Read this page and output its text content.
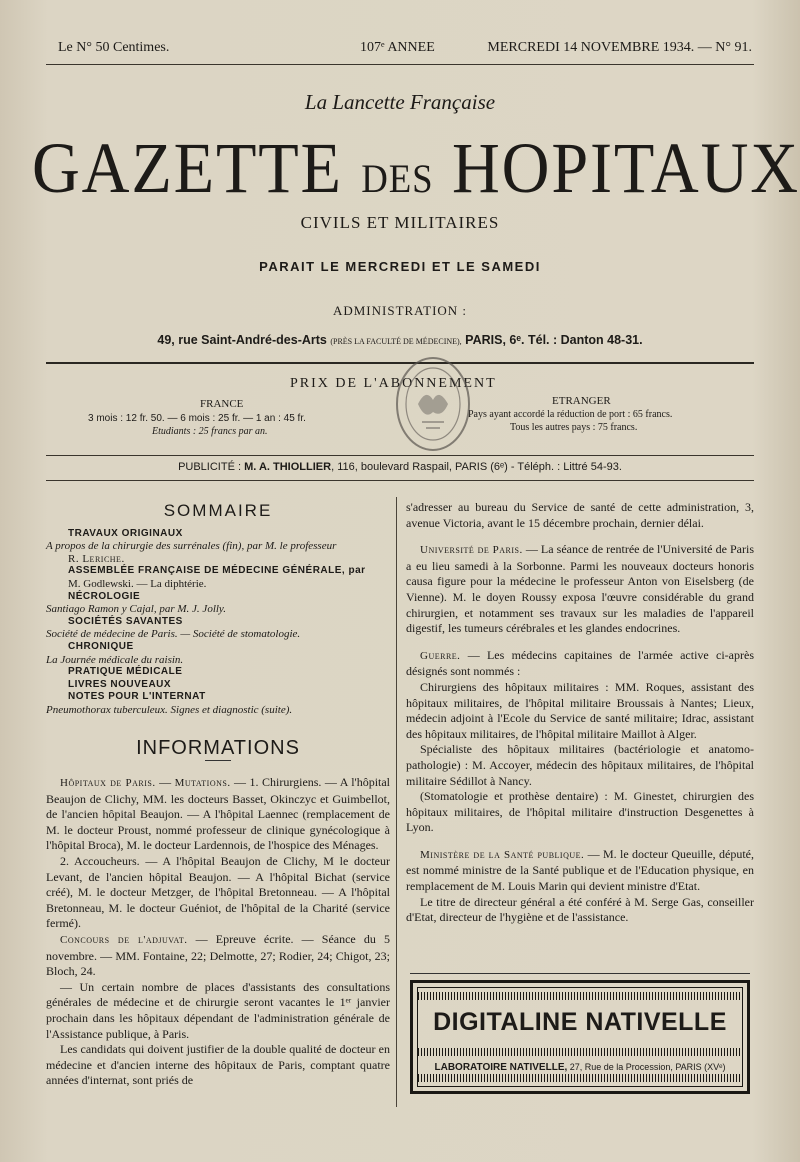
Le N° 50 Centimes.	107ᵉ ANNEE	MERCREDI 14 NOVEMBRE 1934. — N° 91.
La Lancette Française
GAZETTE DES HOPITAUX
CIVILS ET MILITAIRES
PARAIT LE MERCREDI ET LE SAMEDI
ADMINISTRATION :
49, rue Saint-André-des-Arts (PRÈS LA FACULTÉ DE MÉDECINE), PARIS, 6ᵉ. Tél. : Danton 48-31.
PRIX DE L'ABONNEMENT
FRANCE
3 mois : 12 fr. 50. — 6 mois : 25 fr. — 1 an : 45 fr.
Etudiants : 25 francs par an.
ETRANGER
Pays ayant accordé la réduction de port : 65 francs.
Tous les autres pays : 75 francs.
PUBLICITÉ : M. A. THIOLLIER, 116, boulevard Raspail, PARIS (6ᵉ) - Téléph. : Littré 54-93.
SOMMAIRE
TRAVAUX ORIGINAUX
A propos de la chirurgie des surrénales (fin), par M. le professeur
R. Leriche.
ASSEMBLÉE FRANÇAISE DE MÉDECINE GÉNÉRALE, par
M. Godlewski. — La diphtérie.
NÉCROLOGIE
Santiago Ramon y Cajal, par M. J. Jolly.
SOCIÉTÉS SAVANTES
Société de médecine de Paris. — Société de stomatologie.
CHRONIQUE
La Journée médicale du raisin.
PRATIQUE MÉDICALE
LIVRES NOUVEAUX
NOTES POUR L'INTERNAT
Pneumothorax tuberculeux. Signes et diagnostic (suite).
INFORMATIONS

Hôpitaux de Paris. — Mutations. — 1. Chirurgiens. — A l'hôpital Beaujon de Clichy, MM. les docteurs Basset, Okinczyc et Guimbellot, de l'ancien hôpital Beaujon. — A l'hôpital Laennec (remplacement de M. le docteur Proust, nommé professeur de clinique gynécologique à l'hôpital Broca), M. le docteur Lardennois, de l'hospice des Ménages.

2. Accoucheurs. — A l'hôpital Beaujon de Clichy, M le docteur Levant, de l'ancien hôpital Beaujon. — A l'hôpital Bichat (service créé), M. le docteur Metzger, de l'hôpital Bretonneau. — A l'hôpital Bretonneau, M. le docteur Guéniot, de l'hôpital de la Charité (service fermé).

Concours de l'adjuvat. — Epreuve écrite. — Séance du 5 novembre. — MM. Fontaine, 22; Delmotte, 27; Rodier, 24; Chigot, 23; Bloch, 24.

— Un certain nombre de places d'assistants des consultations générales de médecine et de chirurgie seront vacantes le 1ᵉʳ janvier prochain dans les hôpitaux dépendant de l'administration générale de l'Assistance publique, à Paris.

Les candidats qui doivent justifier de la double qualité de docteur en médecine et d'ancien interne des hôpitaux de Paris, comptant quatre années d'internat, sont priés de

s'adresser au bureau du Service de santé de cette administration, 3, avenue Victoria, avant le 15 décembre prochain, dernier délai.

Université de Paris. — La séance de rentrée de l'Université de Paris a eu lieu samedi à la Sorbonne. Parmi les nouveaux docteurs honoris causa figure pour la médecine le professeur Anton von Eiselsberg (de Vienne). M. le doyen Roussy exposa l'œuvre considérable du grand chirurgien, et notamment ses travaux sur les maladies de l'appareil digestif, les tumeurs cérébrales et les glandes endocrines.

Guerre. — Les médecins capitaines de l'armée active ci-après désignés sont nommés :

Chirurgiens des hôpitaux militaires : MM. Roques, assistant des hôpitaux militaires, de l'hôpital militaire Broussais à Nantes; Lieux, médecin adjoint à l'Ecole du Service de santé militaire; Idrac, assistant des hôpitaux militaires, de l'hôpital militaire Maillot à Alger.

Spécialiste des hôpitaux militaires (bactériologie et anatomo-pathologie) : M. Accoyer, médecin des hôpitaux militaires, de l'hôpital militaire Sédillot à Nancy.

(Stomatologie et prothèse dentaire) : M. Ginestet, chirurgien des hôpitaux militaires, de l'hôpital militaire d'instruction Desgenettes à Lyon.

Ministère de la Santé publique. — M. le docteur Queuille, député, est nommé ministre de la Santé publique et de l'Education physique, en remplacement de M. Louis Marin qui devient ministre d'Etat.

Le titre de directeur général a été conféré à M. Serge Gas, conseiller d'Etat, directeur de l'hygiène et de l'assistance.

DIGITALINE NATIVELLE
LABORATOIRE NATIVELLE, 27, Rue de la Procession, PARIS (XVᵉ)
